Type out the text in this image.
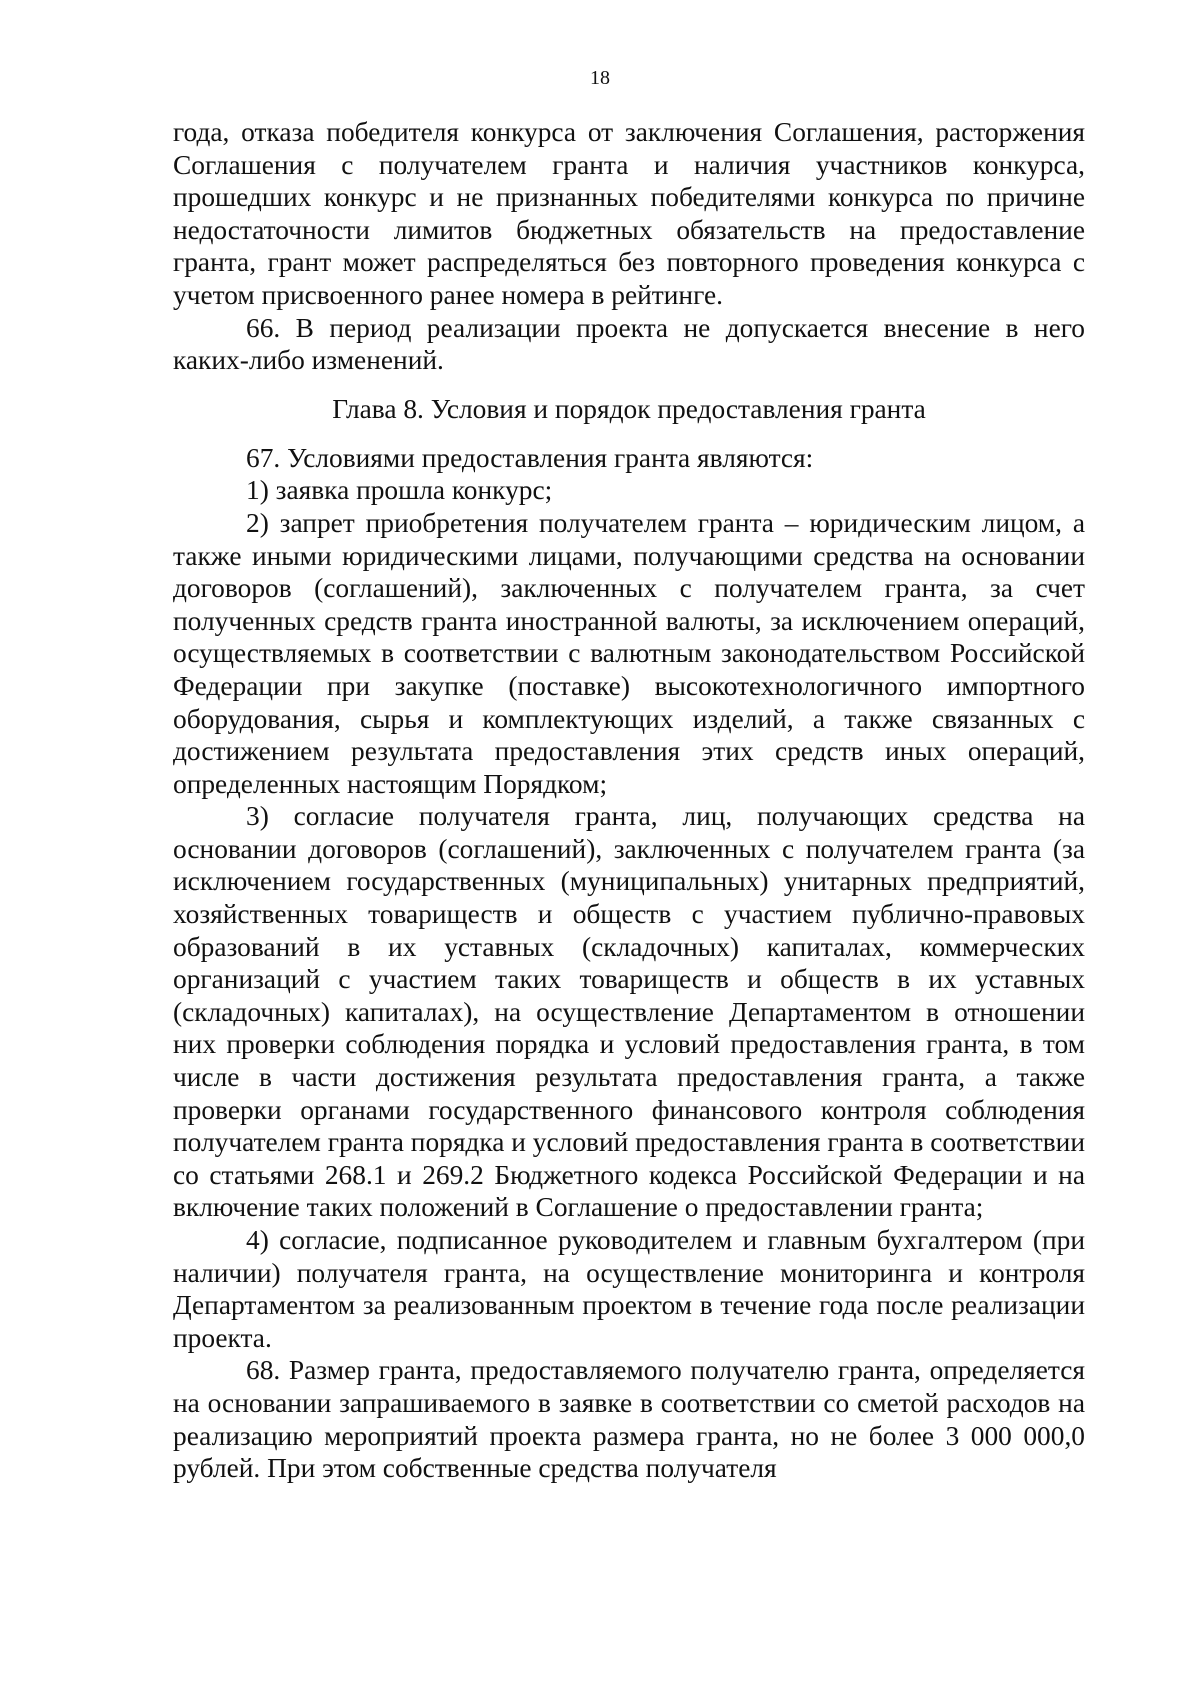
18

года, отказа победителя конкурса от заключения Соглашения, расторжения Соглашения с получателем гранта и наличия участников конкурса, прошедших конкурс и не признанных победителями конкурса по причине недостаточности лимитов бюджетных обязательств на предоставление гранта, грант может распределяться без повторного проведения конкурса с учетом присвоенного ранее номера в рейтинге.

66. В период реализации проекта не допускается внесение в него каких-либо изменений.

Глава 8. Условия и порядок предоставления гранта

67. Условиями предоставления гранта являются:

1) заявка прошла конкурс;

2) запрет приобретения получателем гранта – юридическим лицом, а также иными юридическими лицами, получающими средства на основании договоров (соглашений), заключенных с получателем гранта, за счет полученных средств гранта иностранной валюты, за исключением операций, осуществляемых в соответствии с валютным законодательством Российской Федерации при закупке (поставке) высокотехнологичного импортного оборудования, сырья и комплектующих изделий, а также связанных с достижением результата предоставления этих средств иных операций, определенных настоящим Порядком;

3) согласие получателя гранта, лиц, получающих средства на основании договоров (соглашений), заключенных с получателем гранта (за исключением государственных (муниципальных) унитарных предприятий, хозяйственных товариществ и обществ с участием публично-правовых образований в их уставных (складочных) капиталах, коммерческих организаций с участием таких товариществ и обществ в их уставных (складочных) капиталах), на осуществление Департаментом в отношении них проверки соблюдения порядка и условий предоставления гранта, в том числе в части достижения результата предоставления гранта, а также проверки органами государственного финансового контроля соблюдения получателем гранта порядка и условий предоставления гранта в соответствии со статьями 268.1 и 269.2 Бюджетного кодекса Российской Федерации и на включение таких положений в Соглашение о предоставлении гранта;

4) согласие, подписанное руководителем и главным бухгалтером (при наличии) получателя гранта, на осуществление мониторинга и контроля Департаментом за реализованным проектом в течение года после реализации проекта.

68. Размер гранта, предоставляемого получателю гранта, определяется на основании запрашиваемого в заявке в соответствии со сметой расходов на реализацию мероприятий проекта размера гранта, но не более 3 000 000,0 рублей. При этом собственные средства получателя
